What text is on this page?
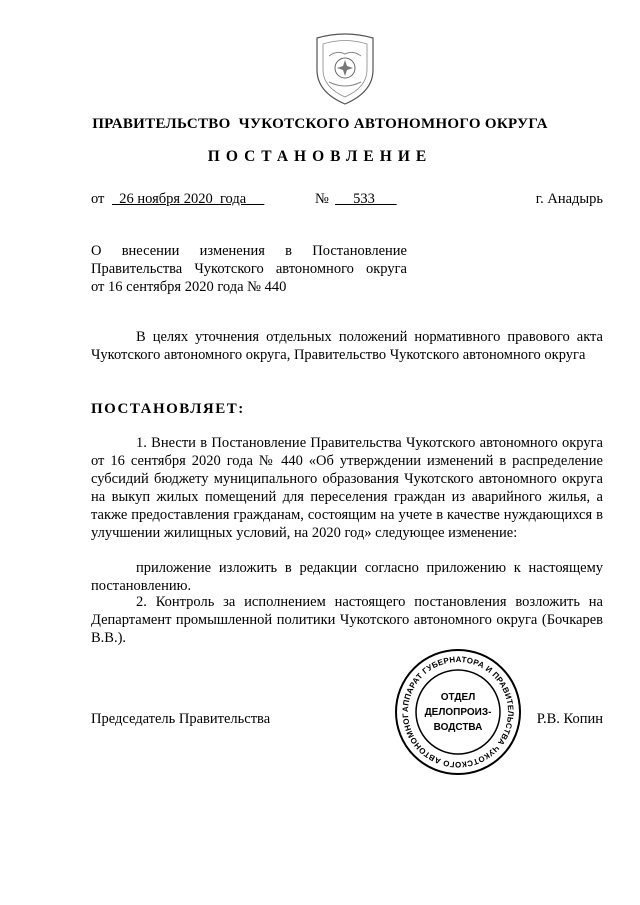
ПРАВИТЕЛЬСТВО  ЧУКОТСКОГО АВТОНОМНОГО ОКРУГА
ПОСТАНОВЛЕНИЕ
от 26 ноября 2020  года	№ 533	г. Анадырь
О внесении изменения в Постановление
Правительства Чукотского автономного округа
от 16 сентября 2020 года № 440
В целях уточнения отдельных положений нормативного правового акта Чукотского автономного округа, Правительство Чукотского автономного округа
ПОСТАНОВЛЯЕТ:
1. Внести в Постановление Правительства Чукотского автономного округа от 16 сентября 2020 года № 440 «Об утверждении изменений в распределение субсидий бюджету муниципального образования Чукотского автономного округа на выкуп жилых помещений для переселения граждан из аварийного жилья, а также предоставления гражданам, состоящим на учете в качестве нуждающихся в улучшении жилищных условий, на 2020 год» следующее изменение:
приложение изложить в редакции согласно приложению к настоящему постановлению.
2. Контроль за исполнением настоящего постановления возложить на Департамент промышленной политики Чукотского автономного округа (Бочкарев В.В.).
Председатель Правительства	Р.В. Копин
АППАРАТ ГУБЕРНАТОРА И ПРАВИТЕЛЬСТВА ЧУКОТСКОГО АВТОНОМНОГ
ОТДЕЛ
ДЕЛОПРОИЗ-
ВОДСТВА
